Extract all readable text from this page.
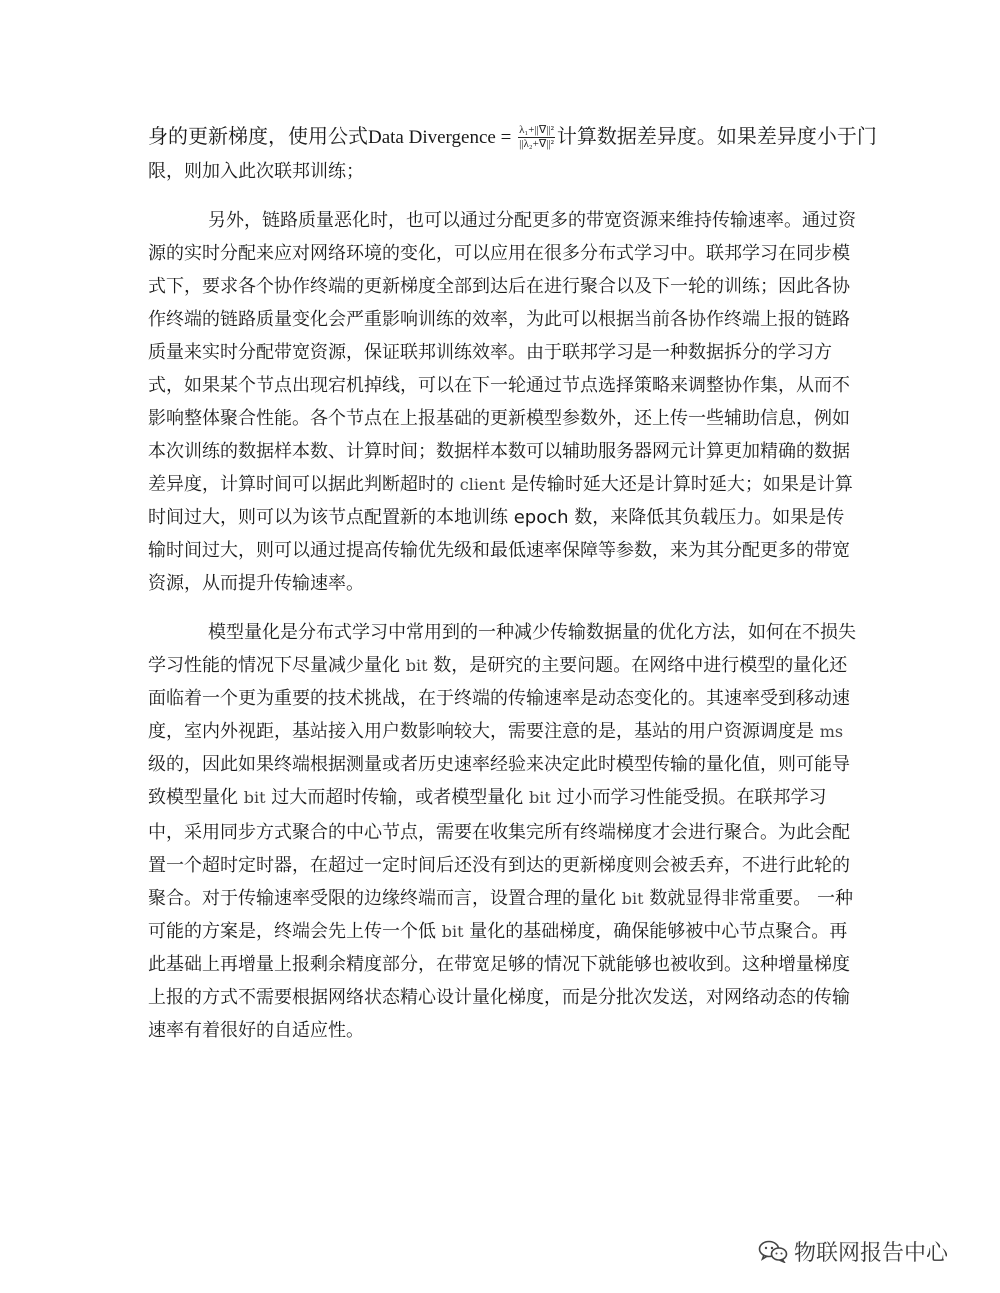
身的更新梯度，使用公式Data Divergence = $\frac{\text{λ₁+||∇||²}}{\text{||λ₂+∇||²}}$ 计算数据差异度。如果差异度小于门
限，则加入此次联邦训练；
另外，链路质量恶化时，也可以通过分配更多的带宽资源来维持传输速率。通过资
源的实时分配来应对网络环境的变化，可以应用在很多分布式学习中。联邦学习在同步模
式下，要求各个协作终端的更新梯度全部到达后在进行聚合以及下一轮的训练；因此各协
作终端的链路质量变化会严重影响训练的效率，为此可以根据当前各协作终端上报的链路
质量来实时分配带宽资源，保证联邦训练效率。由于联邦学习是一种数据拆分的学习方
式，如果某个节点出现宕机掉线，可以在下一轮通过节点选择策略来调整协作集，从而不
影响整体聚合性能。各个节点在上报基础的更新模型参数外，还上传一些辅助信息，例如
本次训练的数据样本数、计算时间；数据样本数可以辅助服务器网元计算更加精确的数据
差异度，计算时间可以据此判断超时的 client 是传输时延大还是计算时延大；如果是计算
时间过大，则可以为该节点配置新的本地训练 epoch 数，来降低其负载压力。如果是传
输时间过大，则可以通过提高传输优先级和最低速率保障等参数，来为其分配更多的带宽
资源，从而提升传输速率。
模型量化是分布式学习中常用到的一种减少传输数据量的优化方法，如何在不损失
学习性能的情况下尽量减少量化 bit 数，是研究的主要问题。在网络中进行模型的量化还
面临着一个更为重要的技术挑战，在于终端的传输速率是动态变化的。其速率受到移动速
度，室内外视距，基站接入用户数影响较大，需要注意的是，基站的用户资源调度是 ms
级的，因此如果终端根据测量或者历史速率经验来决定此时模型传输的量化值，则可能导
致模型量化 bit 过大而超时传输，或者模型量化 bit 过小而学习性能受损。在联邦学习
中，采用同步方式聚合的中心节点，需要在收集完所有终端梯度才会进行聚合。为此会配
置一个超时定时器，在超过一定时间后还没有到达的更新梯度则会被丢弃，不进行此轮的
聚合。对于传输速率受限的边缘终端而言，设置合理的量化 bit 数就显得非常重要。 一种
可能的方案是，终端会先上传一个低 bit 量化的基础梯度，确保能够被中心节点聚合。再
此基础上再增量上报剩余精度部分，在带宽足够的情况下就能够也被收到。这种增量梯度
上报的方式不需要根据网络状态精心设计量化梯度，而是分批次发送，对网络动态的传输
速率有着很好的自适应性。
物联网报告中心
